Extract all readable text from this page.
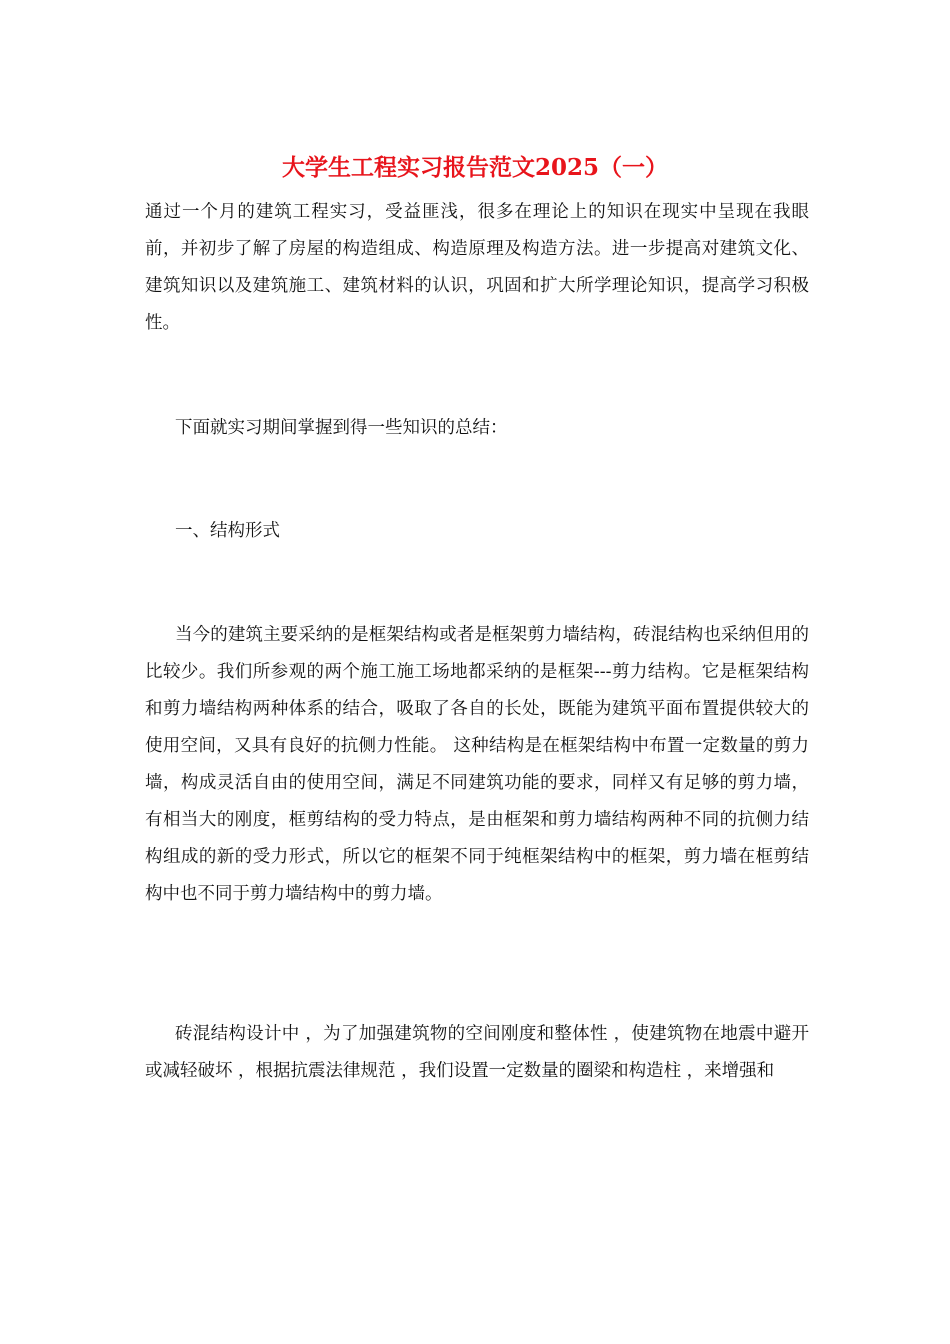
大学生工程实习报告范文2025（一）

通过一个月的建筑工程实习，受益匪浅，很多在理论上的知识在现实中呈现在我眼前，并初步了解了房屋的构造组成、构造原理及构造方法。进一步提高对建筑文化、建筑知识以及建筑施工、建筑材料的认识，巩固和扩大所学理论知识，提高学习积极性。

下面就实习期间掌握到得一些知识的总结：

一、结构形式

当今的建筑主要采纳的是框架结构或者是框架剪力墙结构，砖混结构也采纳但用的比较少。我们所参观的两个施工施工场地都采纳的是框架---剪力结构。它是框架结构和剪力墙结构两种体系的结合，吸取了各自的长处，既能为建筑平面布置提供较大的使用空间，又具有良好的抗侧力性能。 这种结构是在框架结构中布置一定数量的剪力墙，构成灵活自由的使用空间，满足不同建筑功能的要求，同样又有足够的剪力墙，有相当大的刚度，框剪结构的受力特点，是由框架和剪力墙结构两种不同的抗侧力结构组成的新的受力形式，所以它的框架不同于纯框架结构中的框架，剪力墙在框剪结构中也不同于剪力墙结构中的剪力墙。

砖混结构设计中 ，为了加强建筑物的空间刚度和整体性 ，使建筑物在地震中避开或减轻破坏 ，根据抗震法律规范 ，我们设置一定数量的圈梁和构造柱 ，来增强和
